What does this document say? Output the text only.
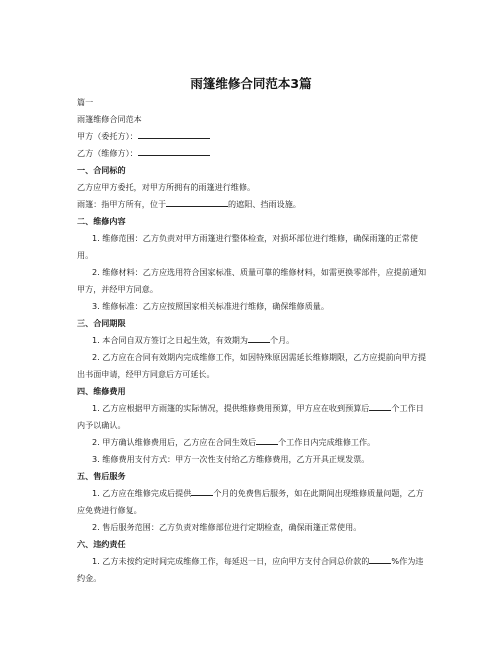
雨篷维修合同范本3篇
篇一
雨篷维修合同范本
甲方（委托方）：
乙方（维修方）：
一、合同标的
乙方应甲方委托，对甲方所拥有的雨篷进行维修。
雨篷：指甲方所有，位于	的遮阳、挡雨设施。
二、维修内容
1. 维修范围：乙方负责对甲方雨篷进行整体检查，对损坏部位进行维修，确保雨篷的正常使用。
2. 维修材料：乙方应选用符合国家标准、质量可靠的维修材料，如需更换零部件，应提前通知甲方，并经甲方同意。
3. 维修标准：乙方应按照国家相关标准进行维修，确保维修质量。
三、合同期限
1. 本合同自双方签订之日起生效，有效期为	个月。
2. 乙方应在合同有效期内完成维修工作，如因特殊原因需延长维修期限，乙方应提前向甲方提出书面申请，经甲方同意后方可延长。
四、维修费用
1. 乙方应根据甲方雨篷的实际情况，提供维修费用预算，甲方应在收到预算后	个工作日内予以确认。
2. 甲方确认维修费用后，乙方应在合同生效后	个工作日内完成维修工作。
3. 维修费用支付方式：甲方一次性支付给乙方维修费用，乙方开具正规发票。
五、售后服务
1. 乙方应在维修完成后提供	个月的免费售后服务，如在此期间出现维修质量问题，乙方应免费进行修复。
2. 售后服务范围：乙方负责对维修部位进行定期检查，确保雨篷正常使用。
六、违约责任
1. 乙方未按约定时间完成维修工作，每延迟一日，应向甲方支付合同总价款的	%作为违约金。
